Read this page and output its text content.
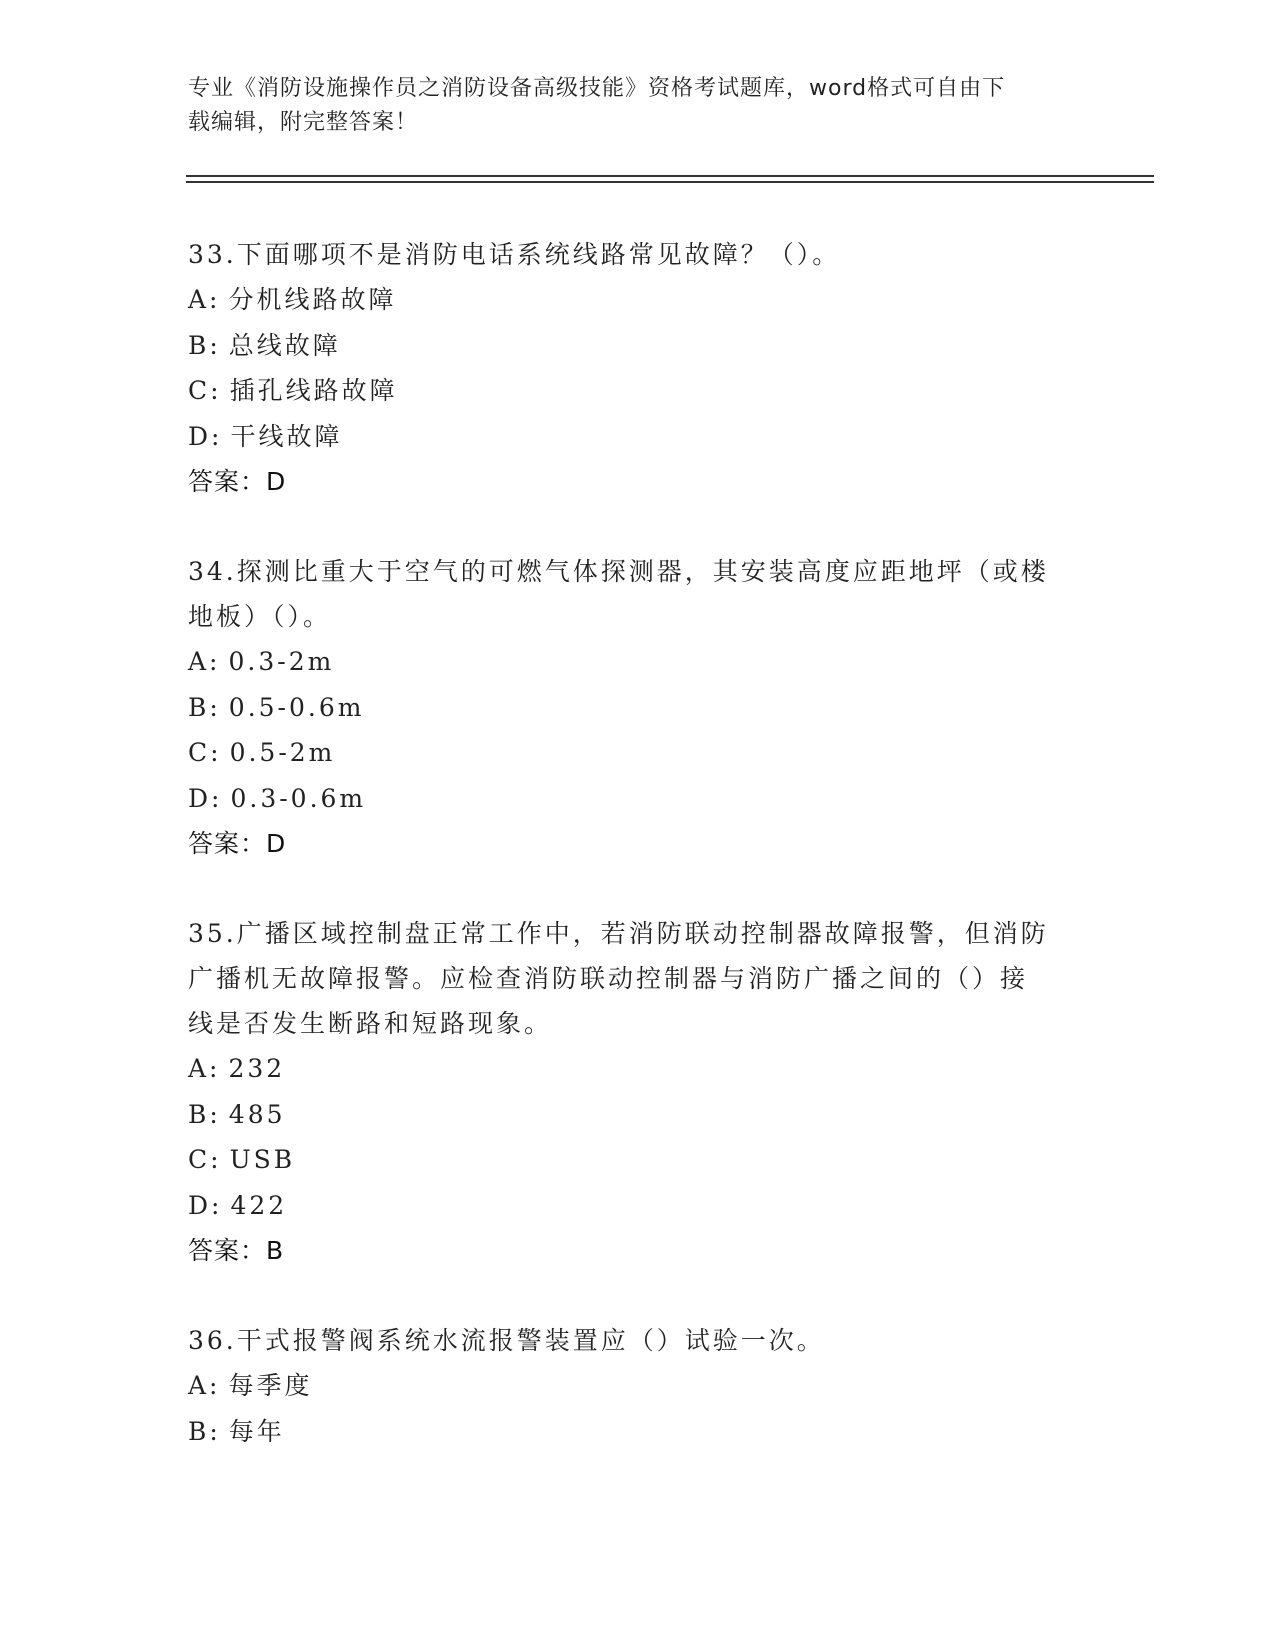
专业《消防设施操作员之消防设备高级技能》资格考试题库，word格式可自由下
载编辑，附完整答案！
33.下面哪项不是消防电话系统线路常见故障？（）。
A: 分机线路故障
B: 总线故障
C: 插孔线路故障
D: 干线故障
答案：D
34.探测比重大于空气的可燃气体探测器，其安装高度应距地坪（或楼
地板）（）。
A: 0.3-2m
B: 0.5-0.6m
C: 0.5-2m
D: 0.3-0.6m
答案：D
35.广播区域控制盘正常工作中，若消防联动控制器故障报警，但消防
广播机无故障报警。应检查消防联动控制器与消防广播之间的（）接
线是否发生断路和短路现象。
A: 232
B: 485
C: USB
D: 422
答案：B
36.干式报警阀系统水流报警装置应（）试验一次。
A: 每季度
B: 每年
